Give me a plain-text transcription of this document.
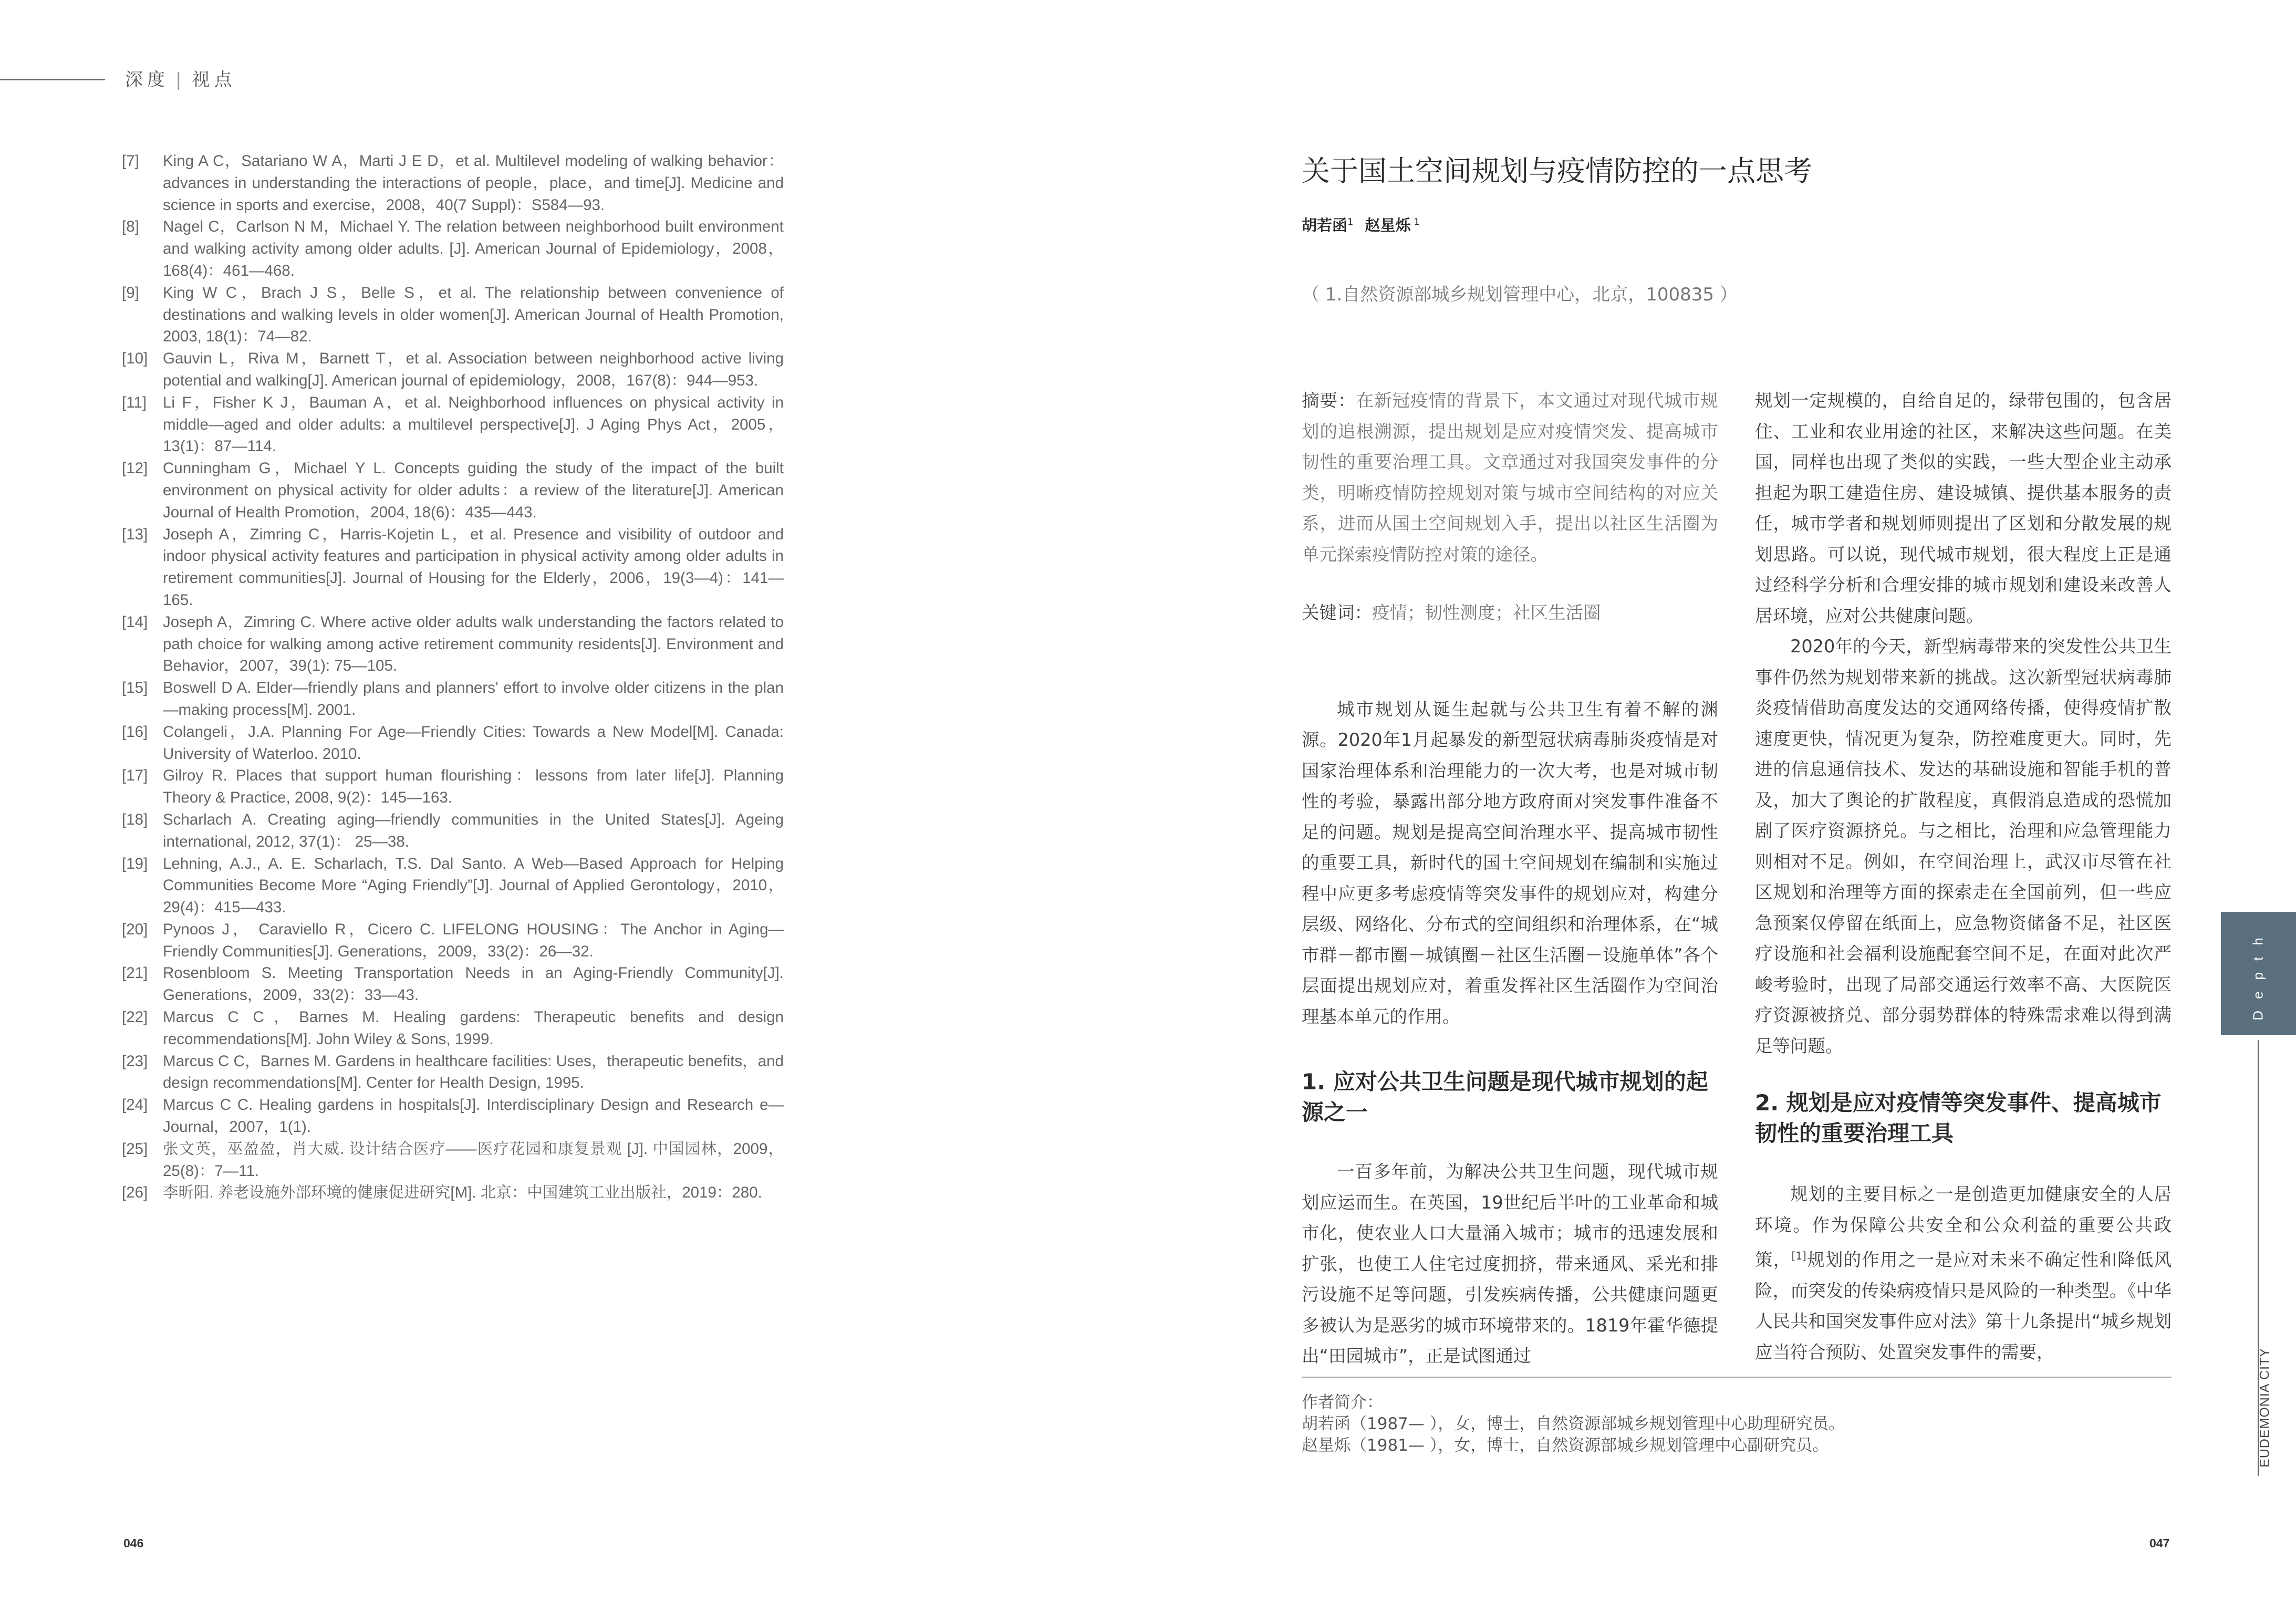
深度 | 视点
[7] King A C，Satariano W A，Marti J E D，et al. Multilevel modeling of walking behavior：advances in understanding the interactions of people，place，and time[J]. Medicine and science in sports and exercise，2008，40(7 Suppl)：S584—93.
[8] Nagel C，Carlson N M，Michael Y. The relation between neighborhood built environment and walking activity among older adults. [J]. American Journal of Epidemiology，2008，168(4)：461—468.
[9] King W C，Brach J S，Belle S，et al. The relationship between convenience of destinations and walking levels in older women[J]. American Journal of Health Promotion, 2003, 18(1)：74—82.
[10] Gauvin L，Riva M，Barnett T，et al. Association between neighborhood active living potential and walking[J]. American journal of epidemiology，2008，167(8)：944—953.
[11] Li F，Fisher K J，Bauman A，et al. Neighborhood influences on physical activity in middle—aged and older adults: a multilevel perspective[J]. J Aging Phys Act，2005，13(1)：87—114.
[12] Cunningham G，Michael Y L. Concepts guiding the study of the impact of the built environment on physical activity for older adults：a review of the literature[J]. American Journal of Health Promotion，2004, 18(6)：435—443.
[13] Joseph A，Zimring C，Harris-Kojetin L，et al. Presence and visibility of outdoor and indoor physical activity features and participation in physical activity among older adults in retirement communities[J]. Journal of Housing for the Elderly，2006，19(3—4)：141—165.
[14] Joseph A，Zimring C. Where active older adults walk understanding the factors related to path choice for walking among active retirement community residents[J]. Environment and Behavior，2007，39(1): 75—105.
[15] Boswell D A. Elder—friendly plans and planners' effort to involve older citizens in the plan—making process[M]. 2001.
[16] Colangeli，J.A. Planning For Age—Friendly Cities: Towards a New Model[M]. Canada: University of Waterloo. 2010.
[17] Gilroy R. Places that support human flourishing：lessons from later life[J]. Planning Theory & Practice, 2008, 9(2)：145—163.
[18] Scharlach A. Creating aging—friendly communities in the United States[J]. Ageing international, 2012, 37(1)： 25—38.
[19] Lehning, A.J., A. E. Scharlach, T.S. Dal Santo. A Web—Based Approach for Helping Communities Become More “Aging Friendly”[J]. Journal of Applied Gerontology，2010，29(4)：415—433.
[20] Pynoos J， Caraviello R，Cicero C. LIFELONG HOUSING：The Anchor in Aging—Friendly Communities[J]. Generations，2009，33(2)：26—32.
[21] Rosenbloom S. Meeting Transportation Needs in an Aging-Friendly Community[J]. Generations，2009，33(2)：33—43.
[22] Marcus C C，Barnes M. Healing gardens: Therapeutic benefits and design recommendations[M]. John Wiley & Sons, 1999.
[23] Marcus C C，Barnes M. Gardens in healthcare facilities: Uses，therapeutic benefits，and design recommendations[M]. Center for Health Design, 1995.
[24] Marcus C C. Healing gardens in hospitals[J]. Interdisciplinary Design and Research e—Journal，2007，1(1).
[25] 张文英，巫盈盈，肖大威. 设计结合医疗——医疗花园和康复景观 [J]. 中国园林，2009，25(8)：7—11.
[26] 李昕阳. 养老设施外部环境的健康促进研究[M]. 北京：中国建筑工业出版社，2019：280.
046
关于国土空间规划与疫情防控的一点思考
胡若函$^1$ 赵星烁 $^1$
（ 1.自然资源部城乡规划管理中心，北京，100835 ）

摘要：在新冠疫情的背景下，本文通过对现代城市规划的追根溯源，提出规划是应对疫情突发、提高城市韧性的重要治理工具。文章通过对我国突发事件的分类，明晰疫情防控规划对策与城市空间结构的对应关系，进而从国土空间规划入手，提出以社区生活圈为单元探索疫情防控对策的途径。

关键词：疫情；韧性测度；社区生活圈

城市规划从诞生起就与公共卫生有着不解的渊源。2020年1月起暴发的新型冠状病毒肺炎疫情是对国家治理体系和治理能力的一次大考，也是对城市韧性的考验，暴露出部分地方政府面对突发事件准备不足的问题。规划是提高空间治理水平、提高城市韧性的重要工具，新时代的国土空间规划在编制和实施过程中应更多考虑疫情等突发事件的规划应对，构建分层级、网络化、分布式的空间组织和治理体系，在“城市群－都市圈－城镇圈－社区生活圈－设施单体”各个层面提出规划应对，着重发挥社区生活圈作为空间治理基本单元的作用。

1. 应对公共卫生问题是现代城市规划的起源之一

一百多年前，为解决公共卫生问题，现代城市规划应运而生。在英国，19世纪后半叶的工业革命和城市化，使农业人口大量涌入城市；城市的迅速发展和扩张，也使工人住宅过度拥挤，带来通风、采光和排污设施不足等问题，引发疾病传播，公共健康问题更多被认为是恶劣的城市环境带来的。1819年霍华德提出“田园城市”，正是试图通过

规划一定规模的，自给自足的，绿带包围的，包含居住、工业和农业用途的社区，来解决这些问题。在美国，同样也出现了类似的实践，一些大型企业主动承担起为职工建造住房、建设城镇、提供基本服务的责任，城市学者和规划师则提出了区划和分散发展的规划思路。可以说，现代城市规划，很大程度上正是通过经科学分析和合理安排的城市规划和建设来改善人居环境，应对公共健康问题。

2020年的今天，新型病毒带来的突发性公共卫生事件仍然为规划带来新的挑战。这次新型冠状病毒肺炎疫情借助高度发达的交通网络传播，使得疫情扩散速度更快，情况更为复杂，防控难度更大。同时，先进的信息通信技术、发达的基础设施和智能手机的普及，加大了舆论的扩散程度，真假消息造成的恐慌加剧了医疗资源挤兑。与之相比，治理和应急管理能力则相对不足。例如，在空间治理上，武汉市尽管在社区规划和治理等方面的探索走在全国前列，但一些应急预案仅停留在纸面上，应急物资储备不足，社区医疗设施和社会福利设施配套空间不足，在面对此次严峻考验时，出现了局部交通运行效率不高、大医院医疗资源被挤兑、部分弱势群体的特殊需求难以得到满足等问题。

2. 规划是应对疫情等突发事件、提高城市韧性的重要治理工具

规划的主要目标之一是创造更加健康安全的人居环境。作为保障公共安全和公众利益的重要公共政策，[1]规划的作用之一是应对未来不确定性和降低风险，而突发的传染病疫情只是风险的一种类型。《中华人民共和国突发事件应对法》第十九条提出“城乡规划应当符合预防、处置突发事件的需要，

作者简介：
胡若函（1987— ），女，博士，自然资源部城乡规划管理中心助理研究员。
赵星烁（1981— ），女，博士，自然资源部城乡规划管理中心副研究员。
047
Depth
EUDEMONIA CITY
